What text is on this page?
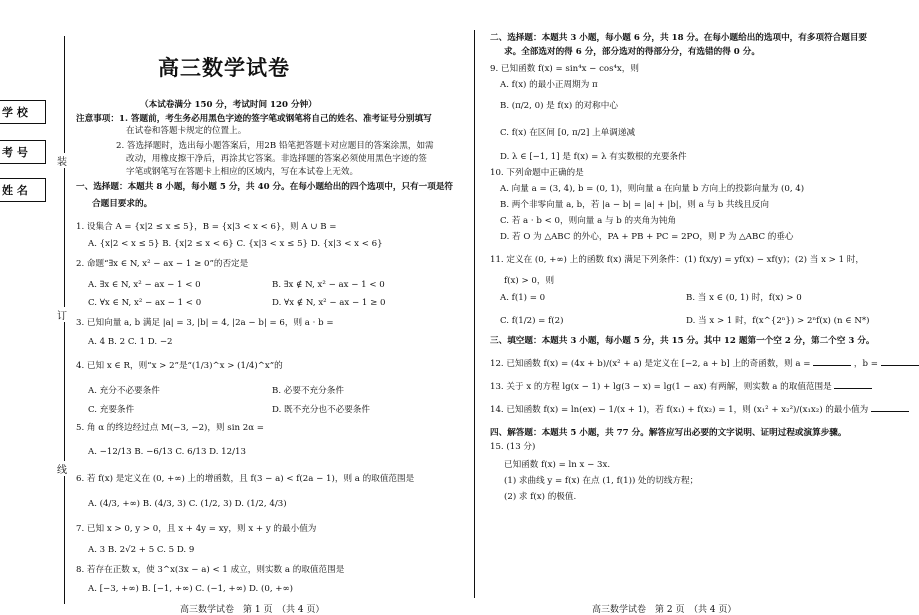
学 校
考 号
姓 名
装
订
线
高三数学试卷
（本试卷满分 150 分，考试时间 120 分钟）
注意事项：1. 答题前，考生务必用黑色字迹的签字笔或钢笔将自己的姓名、准考证号分别填写
在试卷和答题卡规定的位置上。
2. 答选择题时，选出每小题答案后，用2B 铅笔把答题卡对应题目的答案涂黑，如需
改动，用橡皮擦干净后，再涂其它答案。非选择题的答案必须使用黑色字迹的签
字笔或钢笔写在答题卡上相应的区域内，写在本试卷上无效。
一、选择题：本题共 8 小题，每小题 5 分，共 40 分。在每小题给出的四个选项中，只有一项是符
合题目要求的。
1. 设集合 A = {x|2 ≤ x ≤ 5}，B = {x|3 < x < 6}，则 A ∪ B =
A. {x|2 < x ≤ 5} B. {x|2 ≤ x < 6} C. {x|3 < x ≤ 5} D. {x|3 < x < 6}
2. 命题“∃x ∈ N, x² − ax − 1 ≥ 0”的否定是
A. ∃x ∈ N, x² − ax − 1 < 0	B. ∃x ∉ N, x² − ax − 1 < 0
C. ∀x ∈ N, x² − ax − 1 < 0	D. ∀x ∉ N, x² − ax − 1 ≥ 0
3. 已知向量 a, b 满足 |a| = 3, |b| = 4, |2a − b| = 6，则 a · b =
A. 4 B. 2 C. 1 D. −2
4. 已知 x ∈ R，则“x > 2”是“(1/3)^x > (1/4)^x”的
A. 充分不必要条件	B. 必要不充分条件
C. 充要条件	D. 既不充分也不必要条件
5. 角 α 的终边经过点 M(−3, −2)，则 sin 2α =
A. −12/13 B. −6/13 C. 6/13 D. 12/13
6. 若 f(x) 是定义在 (0, +∞) 上的增函数，且 f(3 − a) < f(2a − 1)，则 a 的取值范围是
A. (4/3, +∞) B. (4/3, 3) C. (1/2, 3) D. (1/2, 4/3)
7. 已知 x > 0, y > 0，且 x + 4y = xy，则 x + y 的最小值为
A. 3 B. 2√2 + 5 C. 5 D. 9
8. 若存在正数 x，使 3^x(3x − a) < 1 成立，则实数 a 的取值范围是
A. [−3, +∞) B. [−1, +∞) C. (−1, +∞) D. (0, +∞)
高三数学试卷　第 1 页　（共 4 页）
二、选择题：本题共 3 小题，每小题 6 分，共 18 分。在每小题给出的选项中，有多项符合题目要
求。全部选对的得 6 分，部分选对的得部分分，有选错的得 0 分。
9. 已知函数 f(x) = sin⁴x − cos⁴x，则
A. f(x) 的最小正周期为 π
B. (π/2, 0) 是 f(x) 的对称中心
C. f(x) 在区间 [0, π/2] 上单调递减
D. λ ∈ [−1, 1] 是 f(x) = λ 有实数根的充要条件
10. 下列命题中正确的是
A. 向量 a = (3, 4), b = (0, 1)，则向量 a 在向量 b 方向上的投影向量为 (0, 4)
B. 两个非零向量 a, b，若 |a − b| = |a| + |b|，则 a 与 b 共线且反向
C. 若 a · b < 0，则向量 a 与 b 的夹角为钝角
D. 若 O 为 △ABC 的外心，PA + PB + PC = 2PO，则 P 为 △ABC 的垂心
11. 定义在 (0, +∞) 上的函数 f(x) 满足下列条件：(1) f(x/y) = yf(x) − xf(y)；(2) 当 x > 1 时，
f(x) > 0，则
A. f(1) = 0	B. 当 x ∈ (0, 1) 时，f(x) > 0
C. f(1/2) = f(2)	D. 当 x > 1 时，f(x^{2ⁿ}) > 2ⁿf(x) (n ∈ N*)
三、填空题：本题共 3 小题，每小题 5 分，共 15 分。其中 12 题第一个空 2 分，第二个空 3 分。
12. 已知函数 f(x) = (4x + b)/(x² + a) 是定义在 [−2, a + b] 上的奇函数，则 a =	，b =
13. 关于 x 的方程 lg(x − 1) + lg(3 − x) = lg(1 − ax) 有两解，则实数 a 的取值范围是
14. 已知函数 f(x) = ln(ex) − 1/(x + 1)，若 f(x₁) + f(x₂) = 1，则 (x₁² + x₂²)/(x₁x₂) 的最小值为
四、解答题：本题共 5 小题，共 77 分。解答应写出必要的文字说明、证明过程或演算步骤。
15. (13 分)
已知函数 f(x) = ln x − 3x.
(1) 求曲线 y = f(x) 在点 (1, f(1)) 处的切线方程；
(2) 求 f(x) 的极值.
高三数学试卷　第 2 页　（共 4 页）
